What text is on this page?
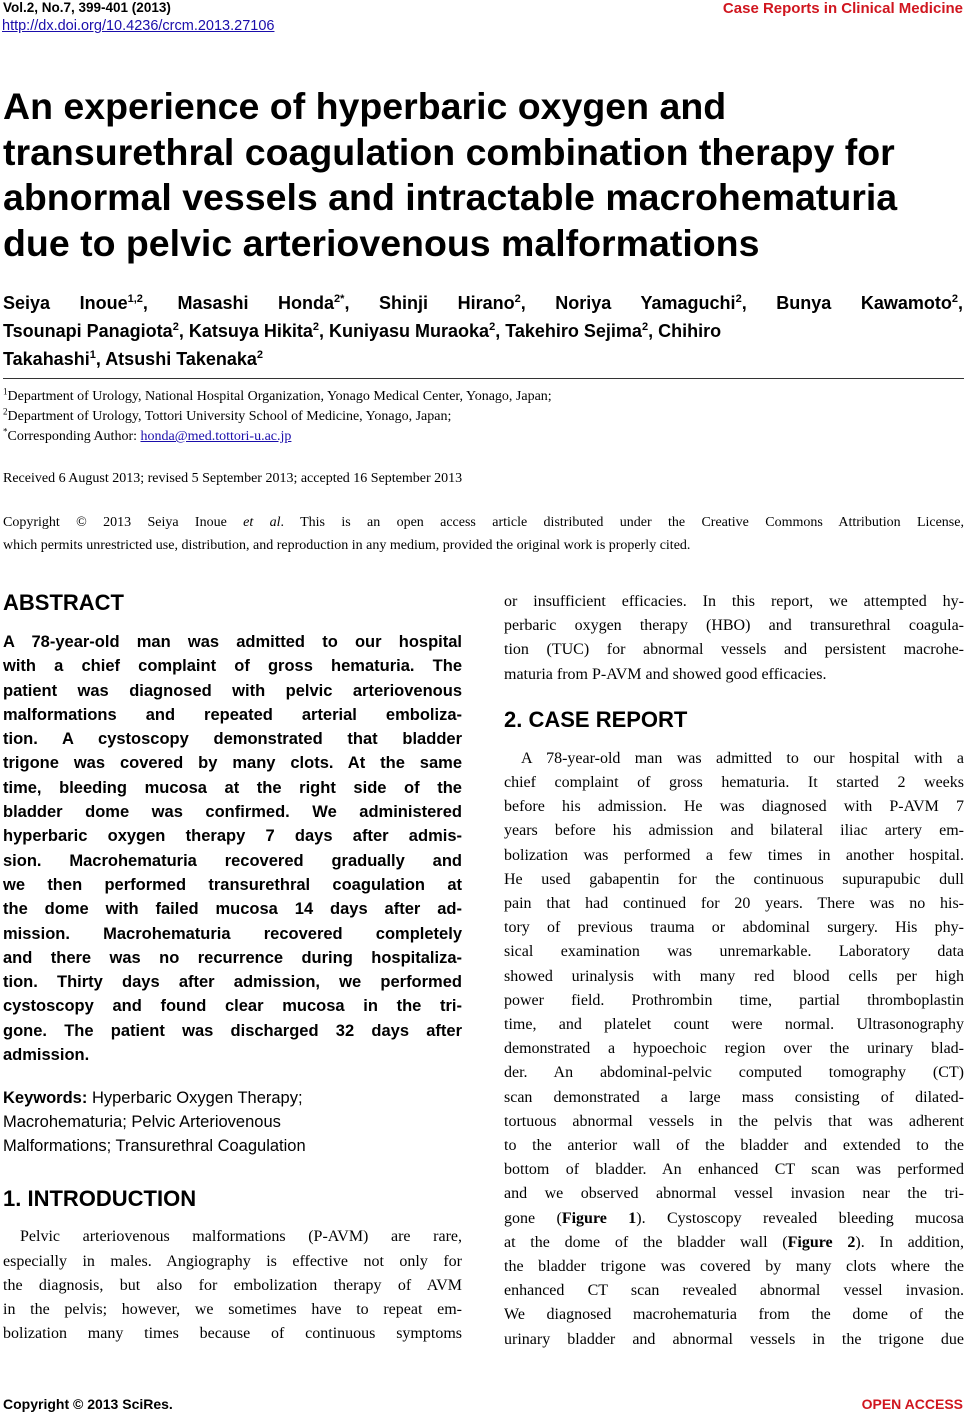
Vol.2, No.7, 399-401 (2013)
http://dx.doi.org/10.4236/crcm.2013.27106
Case Reports in Clinical Medicine
An experience of hyperbaric oxygen and
transurethral coagulation combination therapy for
abnormal vessels and intractable macrohematuria
due to pelvic arteriovenous malformations
Seiya Inoue$^{1,2}$, Masashi Honda$^{2*}$, Shinji Hirano$^2$, Noriya Yamaguchi$^2$, Bunya Kawamoto$^2$,
Tsounapi Panagiota$^2$, Katsuya Hikita$^2$, Kuniyasu Muraoka$^2$, Takehiro Sejima$^2$, Chihiro
Takahashi$^1$, Atsushi Takenaka$^2$
$^1$Department of Urology, National Hospital Organization, Yonago Medical Center, Yonago, Japan;
$^2$Department of Urology, Tottori University School of Medicine, Yonago, Japan;
*Corresponding Author: honda@med.tottori-u.ac.jp
Received 6 August 2013; revised 5 September 2013; accepted 16 September 2013
Copyright © 2013 Seiya Inoue et al. This is an open access article distributed under the Creative Commons Attribution License,
which permits unrestricted use, distribution, and reproduction in any medium, provided the original work is properly cited.
ABSTRACT
A 78-year-old man was admitted to our hospital
with a chief complaint of gross hematuria. The
patient was diagnosed with pelvic arteriovenous
malformations and repeated arterial emboliza-
tion. A cystoscopy demonstrated that bladder
trigone was covered by many clots. At the same
time, bleeding mucosa at the right side of the
bladder dome was confirmed. We administered
hyperbaric oxygen therapy 7 days after admis-
sion. Macrohematuria recovered gradually and
we then performed transurethral coagulation at
the dome with failed mucosa 14 days after ad-
mission. Macrohematuria recovered completely
and there was no recurrence during hospitaliza-
tion. Thirty days after admission, we performed
cystoscopy and found clear mucosa in the tri-
gone. The patient was discharged 32 days after
admission.
Keywords: Hyperbaric Oxygen Therapy;
Macrohematuria; Pelvic Arteriovenous
Malformations; Transurethral Coagulation
1. INTRODUCTION
Pelvic arteriovenous malformations (P-AVM) are rare,
especially in males. Angiography is effective not only for
the diagnosis, but also for embolization therapy of AVM
in the pelvis; however, we sometimes have to repeat em-
bolization many times because of continuous symptoms
or insufficient efficacies. In this report, we attempted hy-
perbaric oxygen therapy (HBO) and transurethral coagula-
tion (TUC) for abnormal vessels and persistent macrohe-
maturia from P-AVM and showed good efficacies.
2. CASE REPORT
A 78-year-old man was admitted to our hospital with a
chief complaint of gross hematuria. It started 2 weeks
before his admission. He was diagnosed with P-AVM 7
years before his admission and bilateral iliac artery em-
bolization was performed a few times in another hospital.
He used gabapentin for the continuous supurapubic dull
pain that had continued for 20 years. There was no his-
tory of previous trauma or abdominal surgery. His phy-
sical examination was unremarkable. Laboratory data
showed urinalysis with many red blood cells per high
power field. Prothrombin time, partial thromboplastin
time, and platelet count were normal. Ultrasonography
demonstrated a hypoechoic region over the urinary blad-
der. An abdominal-pelvic computed tomography (CT)
scan demonstrated a large mass consisting of dilated-
tortuous abnormal vessels in the pelvis that was adherent
to the anterior wall of the bladder and extended to the
bottom of bladder. An enhanced CT scan was performed
and we observed abnormal vessel invasion near the tri-
gone (Figure 1). Cystoscopy revealed bleeding mucosa
at the dome of the bladder wall (Figure 2). In addition,
the bladder trigone was covered by many clots where the
enhanced CT scan revealed abnormal vessel invasion.
We diagnosed macrohematuria from the dome of the
urinary bladder and abnormal vessels in the trigone due
Copyright © 2013 SciRes.	OPEN ACCESS
